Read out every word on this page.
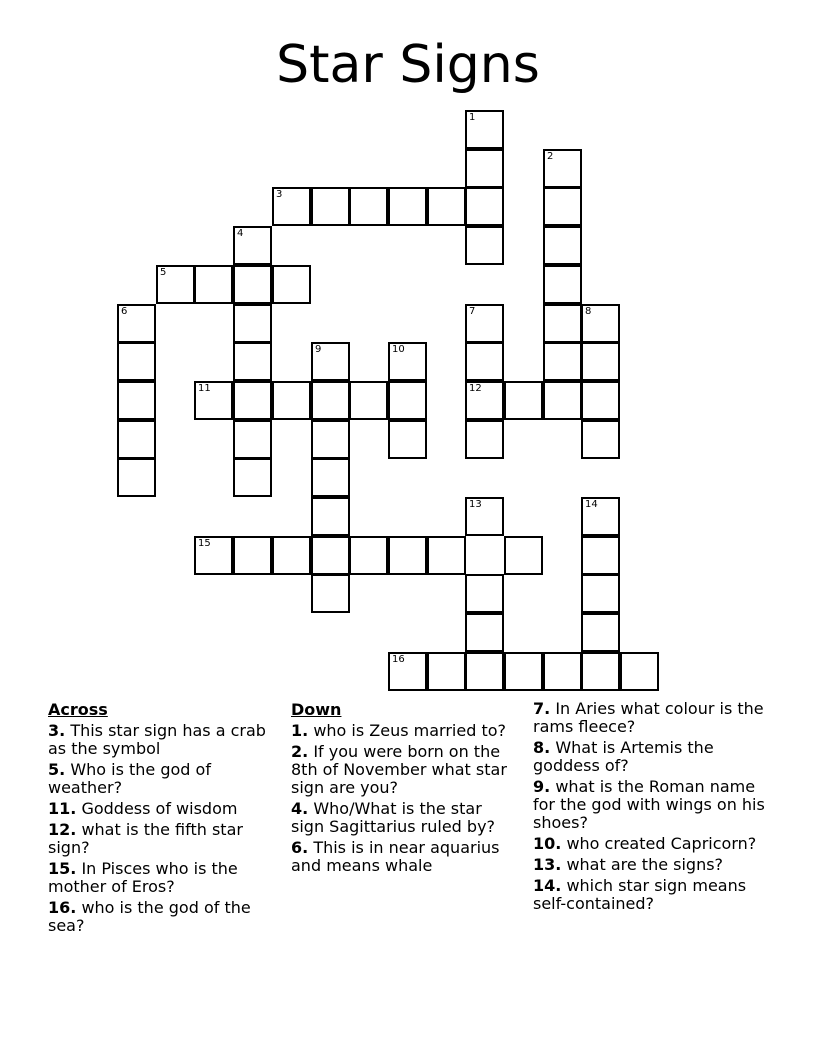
Star Signs
1
2
3
4
5
6	7	8
9	10
11	12
13	14
15
16
Across
3. This star sign has a crab as the symbol
5. Who is the god of weather?
11. Goddess of wisdom
12. what is the fifth star sign?
15. In Pisces who is the mother of Eros?
16. who is the god of the sea?
Down
1. who is Zeus married to?
2. If you were born on the 8th of November what star sign are you?
4. Who/What is the star sign Sagittarius ruled by?
6. This is in near aquarius and means whale
7. In Aries what colour is the rams fleece?
8. What is Artemis the goddess of?
9. what is the Roman name for the god with wings on his shoes?
10. who created Capricorn?
13. what are the signs?
14. which star sign means self-contained?
